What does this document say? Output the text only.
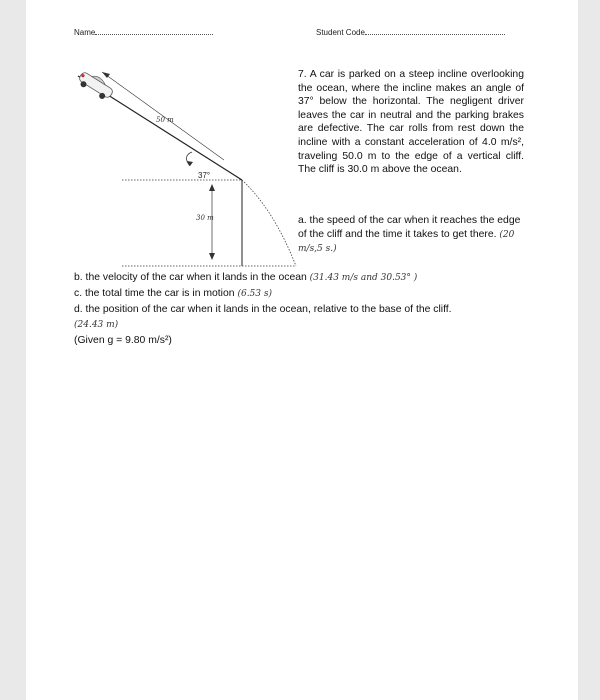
Name	Student Code
50 m
37°
30 m
7. A car is parked on a steep incline overlooking the ocean, where the incline makes an angle of 37° below the horizontal. The negligent driver leaves the car in neutral and the parking brakes are defective. The car rolls from rest down the incline with a constant acceleration of 4.0 m/s², traveling 50.0 m to the edge of a vertical cliff. The cliff is 30.0 m above the ocean.
a. the speed of the car when it reaches the edge of the cliff and the time it takes to get there. (20 m/s,5 s.)
b. the velocity of the car when it lands in the ocean (31.43 m/s and 30.53° )
c. the total time the car is in motion (6.53 s)
d. the position of the car when it lands in the ocean, relative to the base of the cliff.
(24.43 m)
(Given g = 9.80 m/s²)
